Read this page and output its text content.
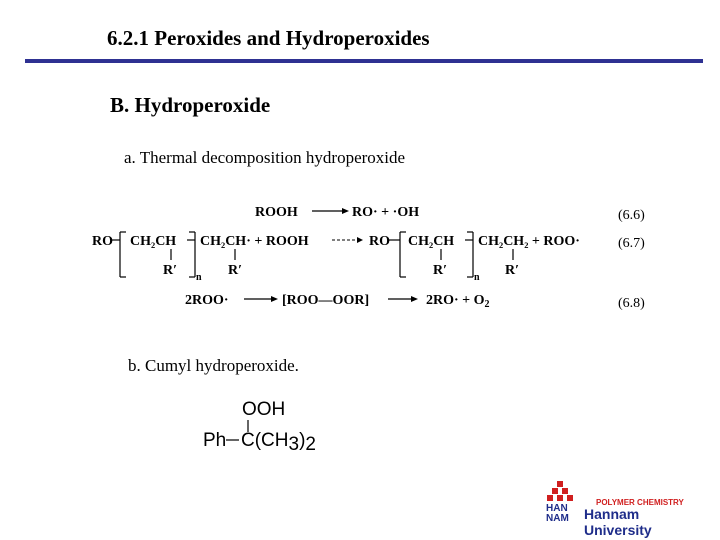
6.2.1 Peroxides and Hydroperoxides
B. Hydroperoxide
a. Thermal decomposition hydroperoxide
ROOH	RO· + ·OH	(6.6)
RO CH₂CH
R′ n
CH₂CH· + ROOH
R′
RO CH₂CH
R′	n
CH₂CH₂ + ROO·
R′
(6.7)
2ROO·	[ROO—OOR]	$2RO\cdot + O_2$	(6.8)
b. Cumyl hydroperoxide.
OOH
Ph C(CH3)2
HAN
NAM
POLYMER CHEMISTRY
Hannam University
